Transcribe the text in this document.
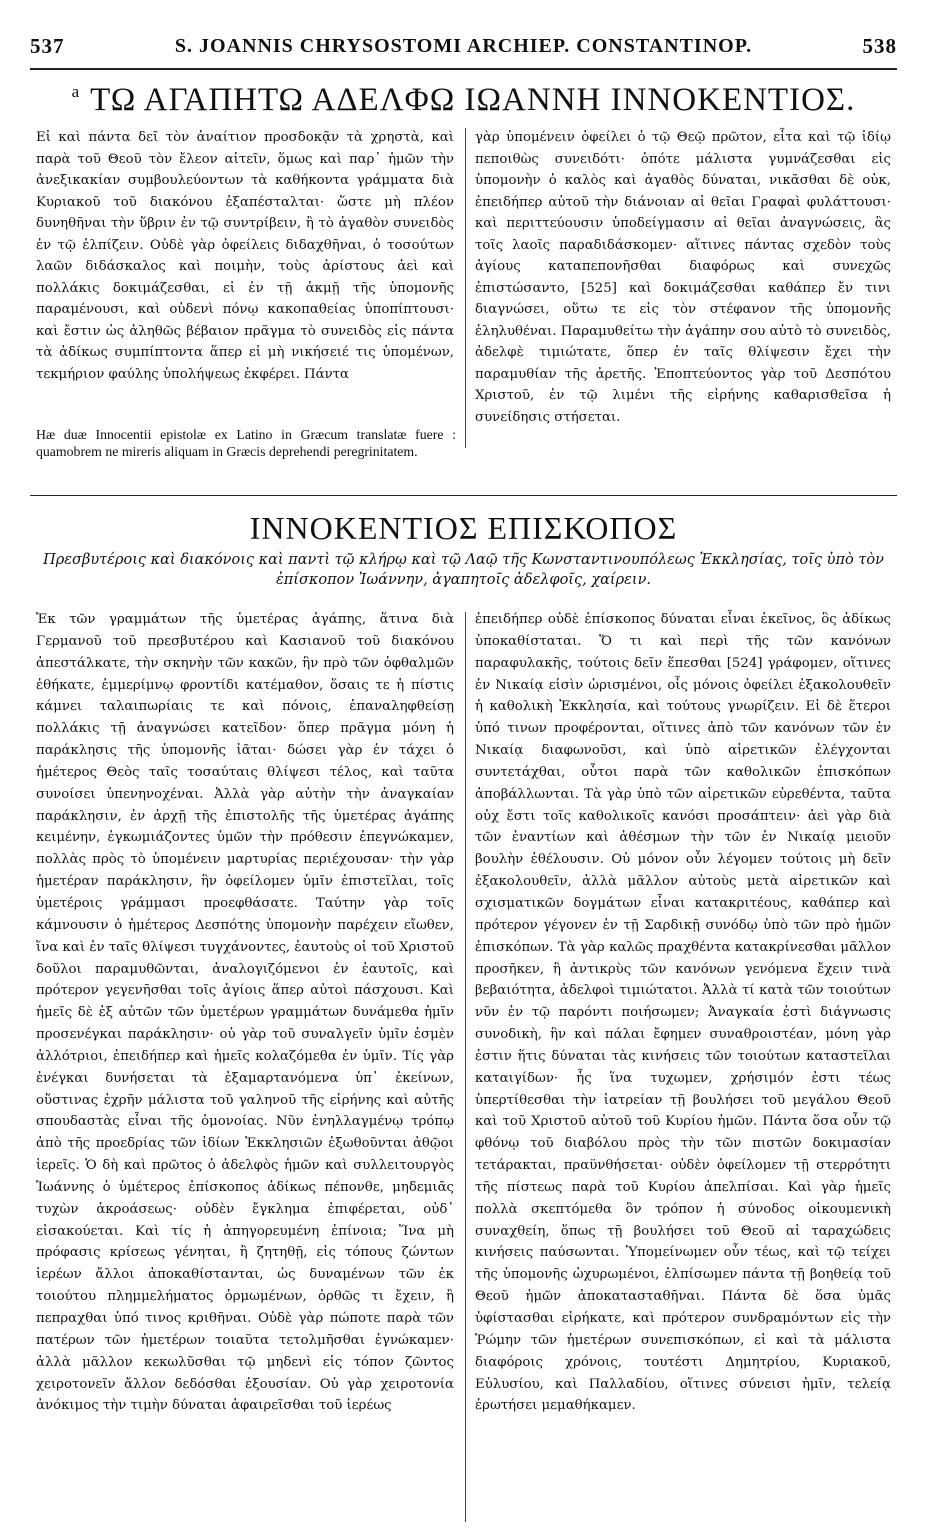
537	S. JOANNIS CHRYSOSTOMI ARCHIEP. CONSTANTINOP.	538
$^a$ ΤΩ ΑΓΑΠΗΤΩ ΑΔΕΛΦΩ ΙΩΑΝΝΗ ΙΝΝΟΚΕΝΤΙΟΣ.

Εἰ καὶ πάντα δεῖ τὸν ἀναίτιον προσδοκᾷν τὰ χρηστὰ, καὶ παρὰ τοῦ Θεοῦ τὸν ἔλεον αἰτεῖν, ὅμως καὶ παρ᾽ ἡμῶν τὴν ἀνεξικακίαν συμβουλεύοντων τὰ καθήκοντα γράμματα διὰ Κυριακοῦ τοῦ διακόνου ἐξαπέσταλται· ὥστε μὴ πλέον δυνηθῆναι τὴν ὕβριν ἐν τῷ συντρίβειν, ἢ τὸ ἀγαθὸν συνειδὸς ἐν τῷ ἐλπίζειν. Οὐδὲ γὰρ ὀφείλεις διδαχθῆναι, ὁ τοσούτων λαῶν διδάσκαλος καὶ ποιμὴν, τοὺς ἀρίστους ἀεὶ καὶ πολλάκις δοκιμάζεσθαι, εἰ ἐν τῇ ἀκμῇ τῆς ὑπομονῆς παραμένουσι, καὶ οὐδενὶ πόνῳ κακοπαθείας ὑποπίπτουσι· καὶ ἔστιν ὡς ἀληθῶς βέβαιον πρᾶγμα τὸ συνειδὸς εἰς πάντα τὰ ἀδίκως συμπίπτοντα ἅπερ εἰ μὴ νικήσειέ τις ὑπομένων, τεκμήριον φαύλης ὑπολήψεως ἐκφέρει. Πάντα

γὰρ ὑπομένειν ὀφείλει ὁ τῷ Θεῷ πρῶτον, εἶτα καὶ τῷ ἰδίῳ πεποιθὼς συνειδότι· ὁπότε μάλιστα γυμνάζεσθαι εἰς ὑπομονὴν ὁ καλὸς καὶ ἀγαθὸς δύναται, νικᾶσθαι δὲ οὐκ, ἐπειδήπερ αὐτοῦ τὴν διάνοιαν αἱ θεῖαι Γραφαὶ φυλάττουσι· καὶ περιττεύουσιν ὑποδείγμασιν αἱ θεῖαι ἀναγνώσεις, ἃς τοῖς λαοῖς παραδιδάσκομεν· αἵτινες πάντας σχεδὸν τοὺς ἁγίους καταπεπονῆσθαι διαφόρως καὶ συνεχῶς ἐπιστώσαντο, [525] καὶ δοκιμάζεσθαι καθάπερ ἔν τινι διαγνώσει, οὕτω τε εἰς τὸν στέφανον τῆς ὑπομονῆς ἐληλυθέναι. Παραμυθείτω τὴν ἀγάπην σου αὐτὸ τὸ συνειδὸς, ἀδελφὲ τιμιώτατε, ὅπερ ἐν ταῖς θλίψεσιν ἔχει τὴν παραμυθίαν τῆς ἀρετῆς. Ἐποπτεύοντος γὰρ τοῦ Δεσπότου Χριστοῦ, ἐν τῷ λιμένι τῆς εἰρήνης καθαρισθεῖσα ἡ συνείδησις στήσεται.

Hæ duæ Innocentii epistolæ ex Latino in Græcum translatæ fuere : quamobrem ne mireris aliquam in Græcis deprehendi peregrinitatem.
ΙΝΝΟΚΕΝΤΙΟΣ ΕΠΙΣΚΟΠΟΣ
Πρεσβυτέροις καὶ διακόνοις καὶ παντὶ τῷ κλήρῳ καὶ τῷ Λαῷ τῆς Κωνσταντινουπόλεως Ἐκκλησίας, τοῖς ὑπὸ τὸν ἐπίσκοπον Ἰωάννην, ἀγαπητοῖς ἀδελφοῖς, χαίρειν.

Ἐκ τῶν γραμμάτων τῆς ὑμετέρας ἀγάπης, ἅτινα διὰ Γερμανοῦ τοῦ πρεσβυτέρου καὶ Κασιανοῦ τοῦ διακόνου ἀπεστάλκατε, τὴν σκηνὴν τῶν κακῶν, ἣν πρὸ τῶν ὀφθαλμῶν ἐθήκατε, ἐμμερίμνῳ φροντίδι κατέμαθον, ὅσαις τε ἡ πίστις κάμνει ταλαιπωρίαις τε καὶ πόνοις, ἐπαναληφθείσῃ πολλάκις τῇ ἀναγνώσει κατεῖδον· ὅπερ πρᾶγμα μόνη ἡ παράκλησις τῆς ὑπομονῆς ἰᾶται· δώσει γὰρ ἐν τάχει ὁ ἡμέτερος Θεὸς ταῖς τοσαύταις θλίψεσι τέλος, καὶ ταῦτα συνοίσει ὑπενηνοχέναι. Ἀλλὰ γὰρ αὐτὴν τὴν ἀναγκαίαν παράκλησιν, ἐν ἀρχῇ τῆς ἐπιστολῆς τῆς ὑμετέρας ἀγάπης κειμένην, ἐγκωμιάζοντες ὑμῶν τὴν πρόθεσιν ἐπεγνώκαμεν, πολλὰς πρὸς τὸ ὑπομένειν μαρτυρίας περιέχουσαν· τὴν γὰρ ἡμετέραν παράκλησιν, ἣν ὀφείλομεν ὑμῖν ἐπιστεῖλαι, τοῖς ὑμετέροις γράμμασι προεφθάσατε. Ταύτην γὰρ τοῖς κάμνουσιν ὁ ἡμέτερος Δεσπότης ὑπομονὴν παρέχειν εἴωθεν, ἵνα καὶ ἐν ταῖς θλίψεσι τυγχάνοντες, ἑαυτοὺς οἱ τοῦ Χριστοῦ δοῦλοι παραμυθῶνται, ἀναλογιζόμενοι ἐν ἑαυτοῖς, καὶ πρότερον γεγενῆσθαι τοῖς ἁγίοις ἅπερ αὐτοὶ πάσχουσι. Καὶ ἡμεῖς δὲ ἐξ αὐτῶν τῶν ὑμετέρων γραμμάτων δυνάμεθα ἡμῖν προσενέγκαι παράκλησιν· οὐ γὰρ τοῦ συναλγεῖν ὑμῖν ἐσμὲν ἀλλότριοι, ἐπειδήπερ καὶ ἡμεῖς κολαζόμεθα ἐν ὑμῖν. Τίς γὰρ ἐνέγκαι δυνήσεται τὰ ἐξαμαρτανόμενα ὑπ᾽ ἐκείνων, οὕστινας ἐχρῆν μάλιστα τοῦ γαληνοῦ τῆς εἰρήνης καὶ αὐτῆς σπουδαστὰς εἶναι τῆς ὁμονοίας. Νῦν ἐνηλλαγμένῳ τρόπῳ ἀπὸ τῆς προεδρίας τῶν ἰδίων Ἐκκλησιῶν ἐξωθοῦνται ἀθῷοι ἱερεῖς. Ὁ δὴ καὶ πρῶτος ὁ ἀδελφὸς ἡμῶν καὶ συλλειτουργὸς Ἰωάννης ὁ ὑμέτερος ἐπίσκοπος ἀδίκως πέπονθε, μηδεμιᾶς τυχὼν ἀκροάσεως· οὐδὲν ἔγκλημα ἐπιφέρεται, οὐδ᾽ εἰσακούεται. Καὶ τίς ἡ ἀπηγορευμένη ἐπίνοια; Ἵνα μὴ πρόφασις κρίσεως γένηται, ἢ ζητηθῇ, εἰς τόπους ζώντων ἱερέων ἄλλοι ἀποκαθίστανται, ὡς δυναμένων τῶν ἐκ τοιούτου πλημμελήματος ὁρμωμένων, ὀρθῶς τι ἔχειν, ἢ πεπραχθαι ὑπό τινος κριθῆναι. Οὐδὲ γὰρ πώποτε παρὰ τῶν πατέρων τῶν ἡμετέρων τοιαῦτα τετολμῆσθαι ἐγνώκαμεν· ἀλλὰ μᾶλλον κεκωλῦσθαι τῷ μηδενὶ εἰς τόπον ζῶντος χειροτονεῖν ἄλλον δεδόσθαι ἐξουσίαν. Οὐ γὰρ χειροτονία ἀνόκιμος τὴν τιμὴν δύναται ἀφαιρεῖσθαι τοῦ ἱερέως

ἐπειδήπερ οὐδὲ ἐπίσκοπος δύναται εἶναι ἐκεῖνος, ὃς ἀδίκως ὑποκαθίσταται. Ὅ τι καὶ περὶ τῆς τῶν κανόνων παραφυλακῆς, τούτοις δεῖν ἕπεσθαι [524] γράφομεν, οἵτινες ἐν Νικαίᾳ εἰσὶν ὡρισμένοι, οἷς μόνοις ὀφείλει ἐξακολουθεῖν ἡ καθολικὴ Ἐκκλησία, καὶ τούτους γνωρίζειν. Εἰ δὲ ἕτεροι ὑπό τινων προφέρονται, οἵτινες ἀπὸ τῶν κανόνων τῶν ἐν Νικαίᾳ διαφωνοῦσι, καὶ ὑπὸ αἱρετικῶν ἐλέγχονται συντετάχθαι, οὗτοι παρὰ τῶν καθολικῶν ἐπισκόπων ἀποβάλλωνται. Τὰ γὰρ ὑπὸ τῶν αἱρετικῶν εὑρεθέντα, ταῦτα οὐχ ἔστι τοῖς καθολικοῖς κανόσι προσάπτειν· ἀεὶ γὰρ διὰ τῶν ἐναντίων καὶ ἀθέσμων τὴν τῶν ἐν Νικαίᾳ μειοῦν βουλὴν ἐθέλουσιν. Οὐ μόνον οὖν λέγομεν τούτοις μὴ δεῖν ἐξακολουθεῖν, ἀλλὰ μᾶλλον αὐτοὺς μετὰ αἱρετικῶν καὶ σχισματικῶν δογμάτων εἶναι κατακριτέους, καθάπερ καὶ πρότερον γέγονεν ἐν τῇ Σαρδικῇ συνόδῳ ὑπὸ τῶν πρὸ ἡμῶν ἐπισκόπων. Τὰ γὰρ καλῶς πραχθέντα κατακρίνεσθαι μᾶλλον προσῆκεν, ἢ ἀντικρὺς τῶν κανόνων γενόμενα ἔχειν τινὰ βεβαιότητα, ἀδελφοὶ τιμιώτατοι. Ἀλλὰ τί κατὰ τῶν τοιούτων νῦν ἐν τῷ παρόντι ποιήσωμεν; Ἀναγκαία ἐστὶ διάγνωσις συνοδικὴ, ἣν καὶ πάλαι ἔφημεν συναθροιστέαν, μόνη γὰρ ἐστιν ἥτις δύναται τὰς κινήσεις τῶν τοιούτων καταστεῖλαι καταιγίδων· ἧς ἵνα τυχωμεν, χρήσιμόν ἐστι τέως ὑπερτίθεσθαι τὴν ἰατρείαν τῇ βουλήσει τοῦ μεγάλου Θεοῦ καὶ τοῦ Χριστοῦ αὐτοῦ τοῦ Κυρίου ἡμῶν. Πάντα ὅσα οὖν τῷ φθόνῳ τοῦ διαβόλου πρὸς τὴν τῶν πιστῶν δοκιμασίαν τετάρακται, πραϋνθήσεται· οὐδὲν ὀφείλομεν τῇ στερρότητι τῆς πίστεως παρὰ τοῦ Κυρίου ἀπελπίσαι. Καὶ γὰρ ἡμεῖς πολλὰ σκεπτόμεθα ὃν τρόπον ἡ σύνοδος οἰκουμενικὴ συναχθείη, ὅπως τῇ βουλήσει τοῦ Θεοῦ αἱ ταραχώδεις κινήσεις παύσωνται. Ὑπομείνωμεν οὖν τέως, καὶ τῷ τείχει τῆς ὑπομονῆς ὠχυρωμένοι, ἐλπίσωμεν πάντα τῇ βοηθείᾳ τοῦ Θεοῦ ἡμῶν ἀποκατασταθῆναι. Πάντα δὲ ὅσα ὑμᾶς ὑφίστασθαι εἰρήκατε, καὶ πρότερον συνδραμόντων εἰς τὴν Ῥώμην τῶν ἡμετέρων συνεπισκόπων, εἰ καὶ τὰ μάλιστα διαφόροις χρόνοις, τουτέστι Δημητρίου, Κυριακοῦ, Εὐλυσίου, καὶ Παλλαδίου, οἵτινες σύνεισι ἡμῖν, τελείᾳ ἐρωτήσει μεμαθήκαμεν.
